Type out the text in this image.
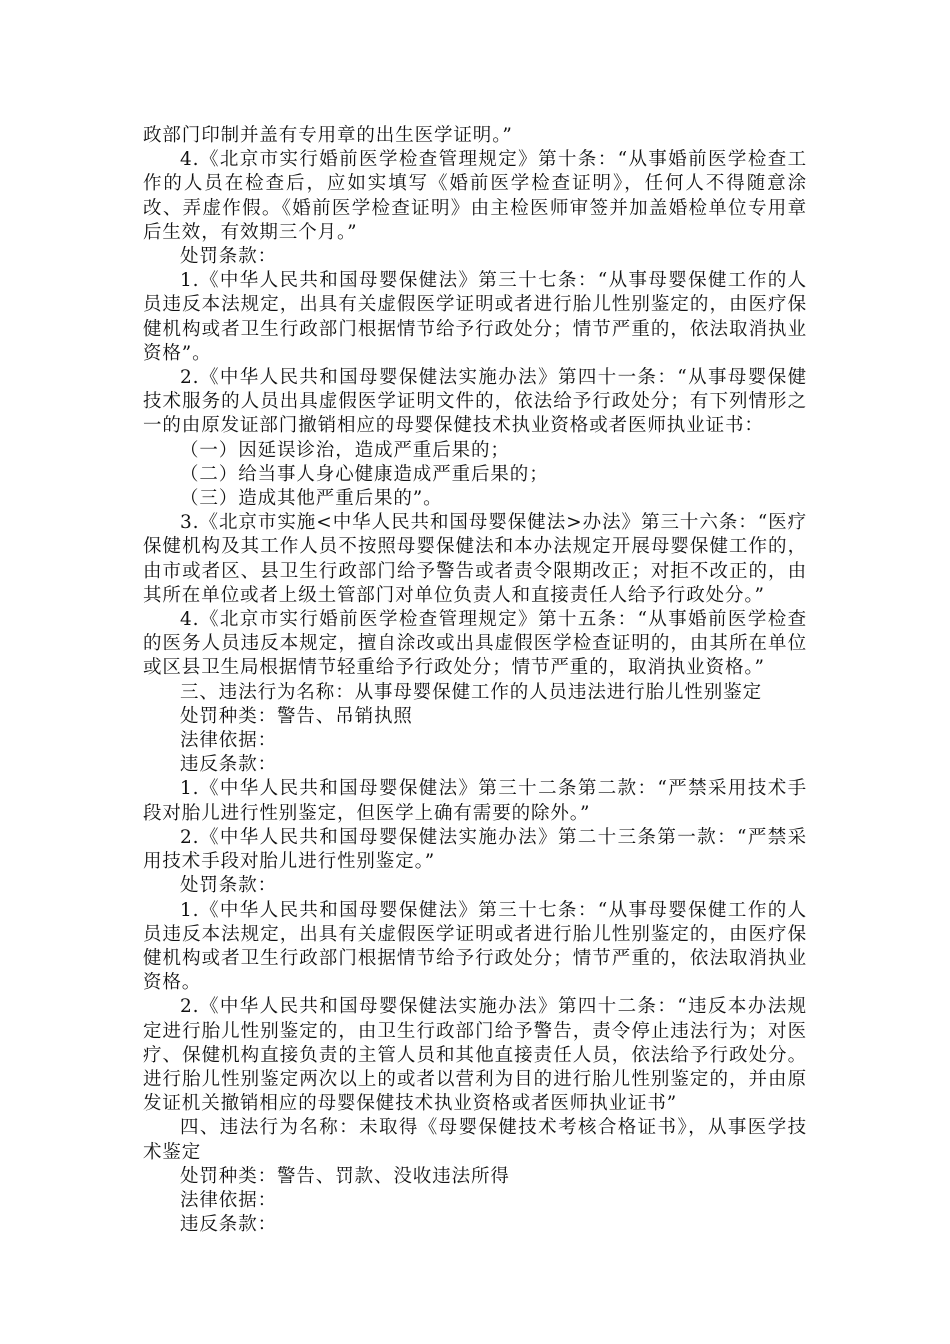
政部门印制并盖有专用章的出生医学证明。”

4.《北京市实行婚前医学检查管理规定》第十条：“从事婚前医学检查工作的人员在检查后，应如实填写《婚前医学检查证明》，任何人不得随意涂改、弄虚作假。《婚前医学检查证明》由主检医师审签并加盖婚检单位专用章后生效，有效期三个月。”

处罚条款：

1.《中华人民共和国母婴保健法》第三十七条：“从事母婴保健工作的人员违反本法规定，出具有关虚假医学证明或者进行胎儿性别鉴定的，由医疗保健机构或者卫生行政部门根据情节给予行政处分；情节严重的，依法取消执业资格”。

2.《中华人民共和国母婴保健法实施办法》第四十一条：“从事母婴保健技术服务的人员出具虚假医学证明文件的，依法给予行政处分；有下列情形之一的由原发证部门撤销相应的母婴保健技术执业资格或者医师执业证书：

（一）因延误诊治，造成严重后果的；

（二）给当事人身心健康造成严重后果的；

（三）造成其他严重后果的”。

3.《北京市实施<中华人民共和国母婴保健法>办法》第三十六条：“医疗保健机构及其工作人员不按照母婴保健法和本办法规定开展母婴保健工作的，由市或者区、县卫生行政部门给予警告或者责令限期改正；对拒不改正的，由其所在单位或者上级土管部门对单位负责人和直接责任人给予行政处分。”

4.《北京市实行婚前医学检查管理规定》第十五条：“从事婚前医学检查的医务人员违反本规定，擅自涂改或出具虚假医学检查证明的，由其所在单位或区县卫生局根据情节轻重给予行政处分；情节严重的，取消执业资格。”

三、违法行为名称：从事母婴保健工作的人员违法进行胎儿性别鉴定

处罚种类：警告、吊销执照

法律依据：

违反条款：

1.《中华人民共和国母婴保健法》第三十二条第二款：“严禁采用技术手段对胎儿进行性别鉴定，但医学上确有需要的除外。”

2.《中华人民共和国母婴保健法实施办法》第二十三条第一款：“严禁采用技术手段对胎儿进行性别鉴定。”

处罚条款：

1.《中华人民共和国母婴保健法》第三十七条：“从事母婴保健工作的人员违反本法规定，出具有关虚假医学证明或者进行胎儿性别鉴定的，由医疗保健机构或者卫生行政部门根据情节给予行政处分；情节严重的，依法取消执业资格。

2.《中华人民共和国母婴保健法实施办法》第四十二条：“违反本办法规定进行胎儿性别鉴定的，由卫生行政部门给予警告，责令停止违法行为；对医疗、保健机构直接负责的主管人员和其他直接责任人员，依法给予行政处分。进行胎儿性别鉴定两次以上的或者以营利为目的进行胎儿性别鉴定的，并由原发证机关撤销相应的母婴保健技术执业资格或者医师执业证书”

四、违法行为名称：未取得《母婴保健技术考核合格证书》，从事医学技术鉴定

处罚种类：警告、罚款、没收违法所得

法律依据：

违反条款：
